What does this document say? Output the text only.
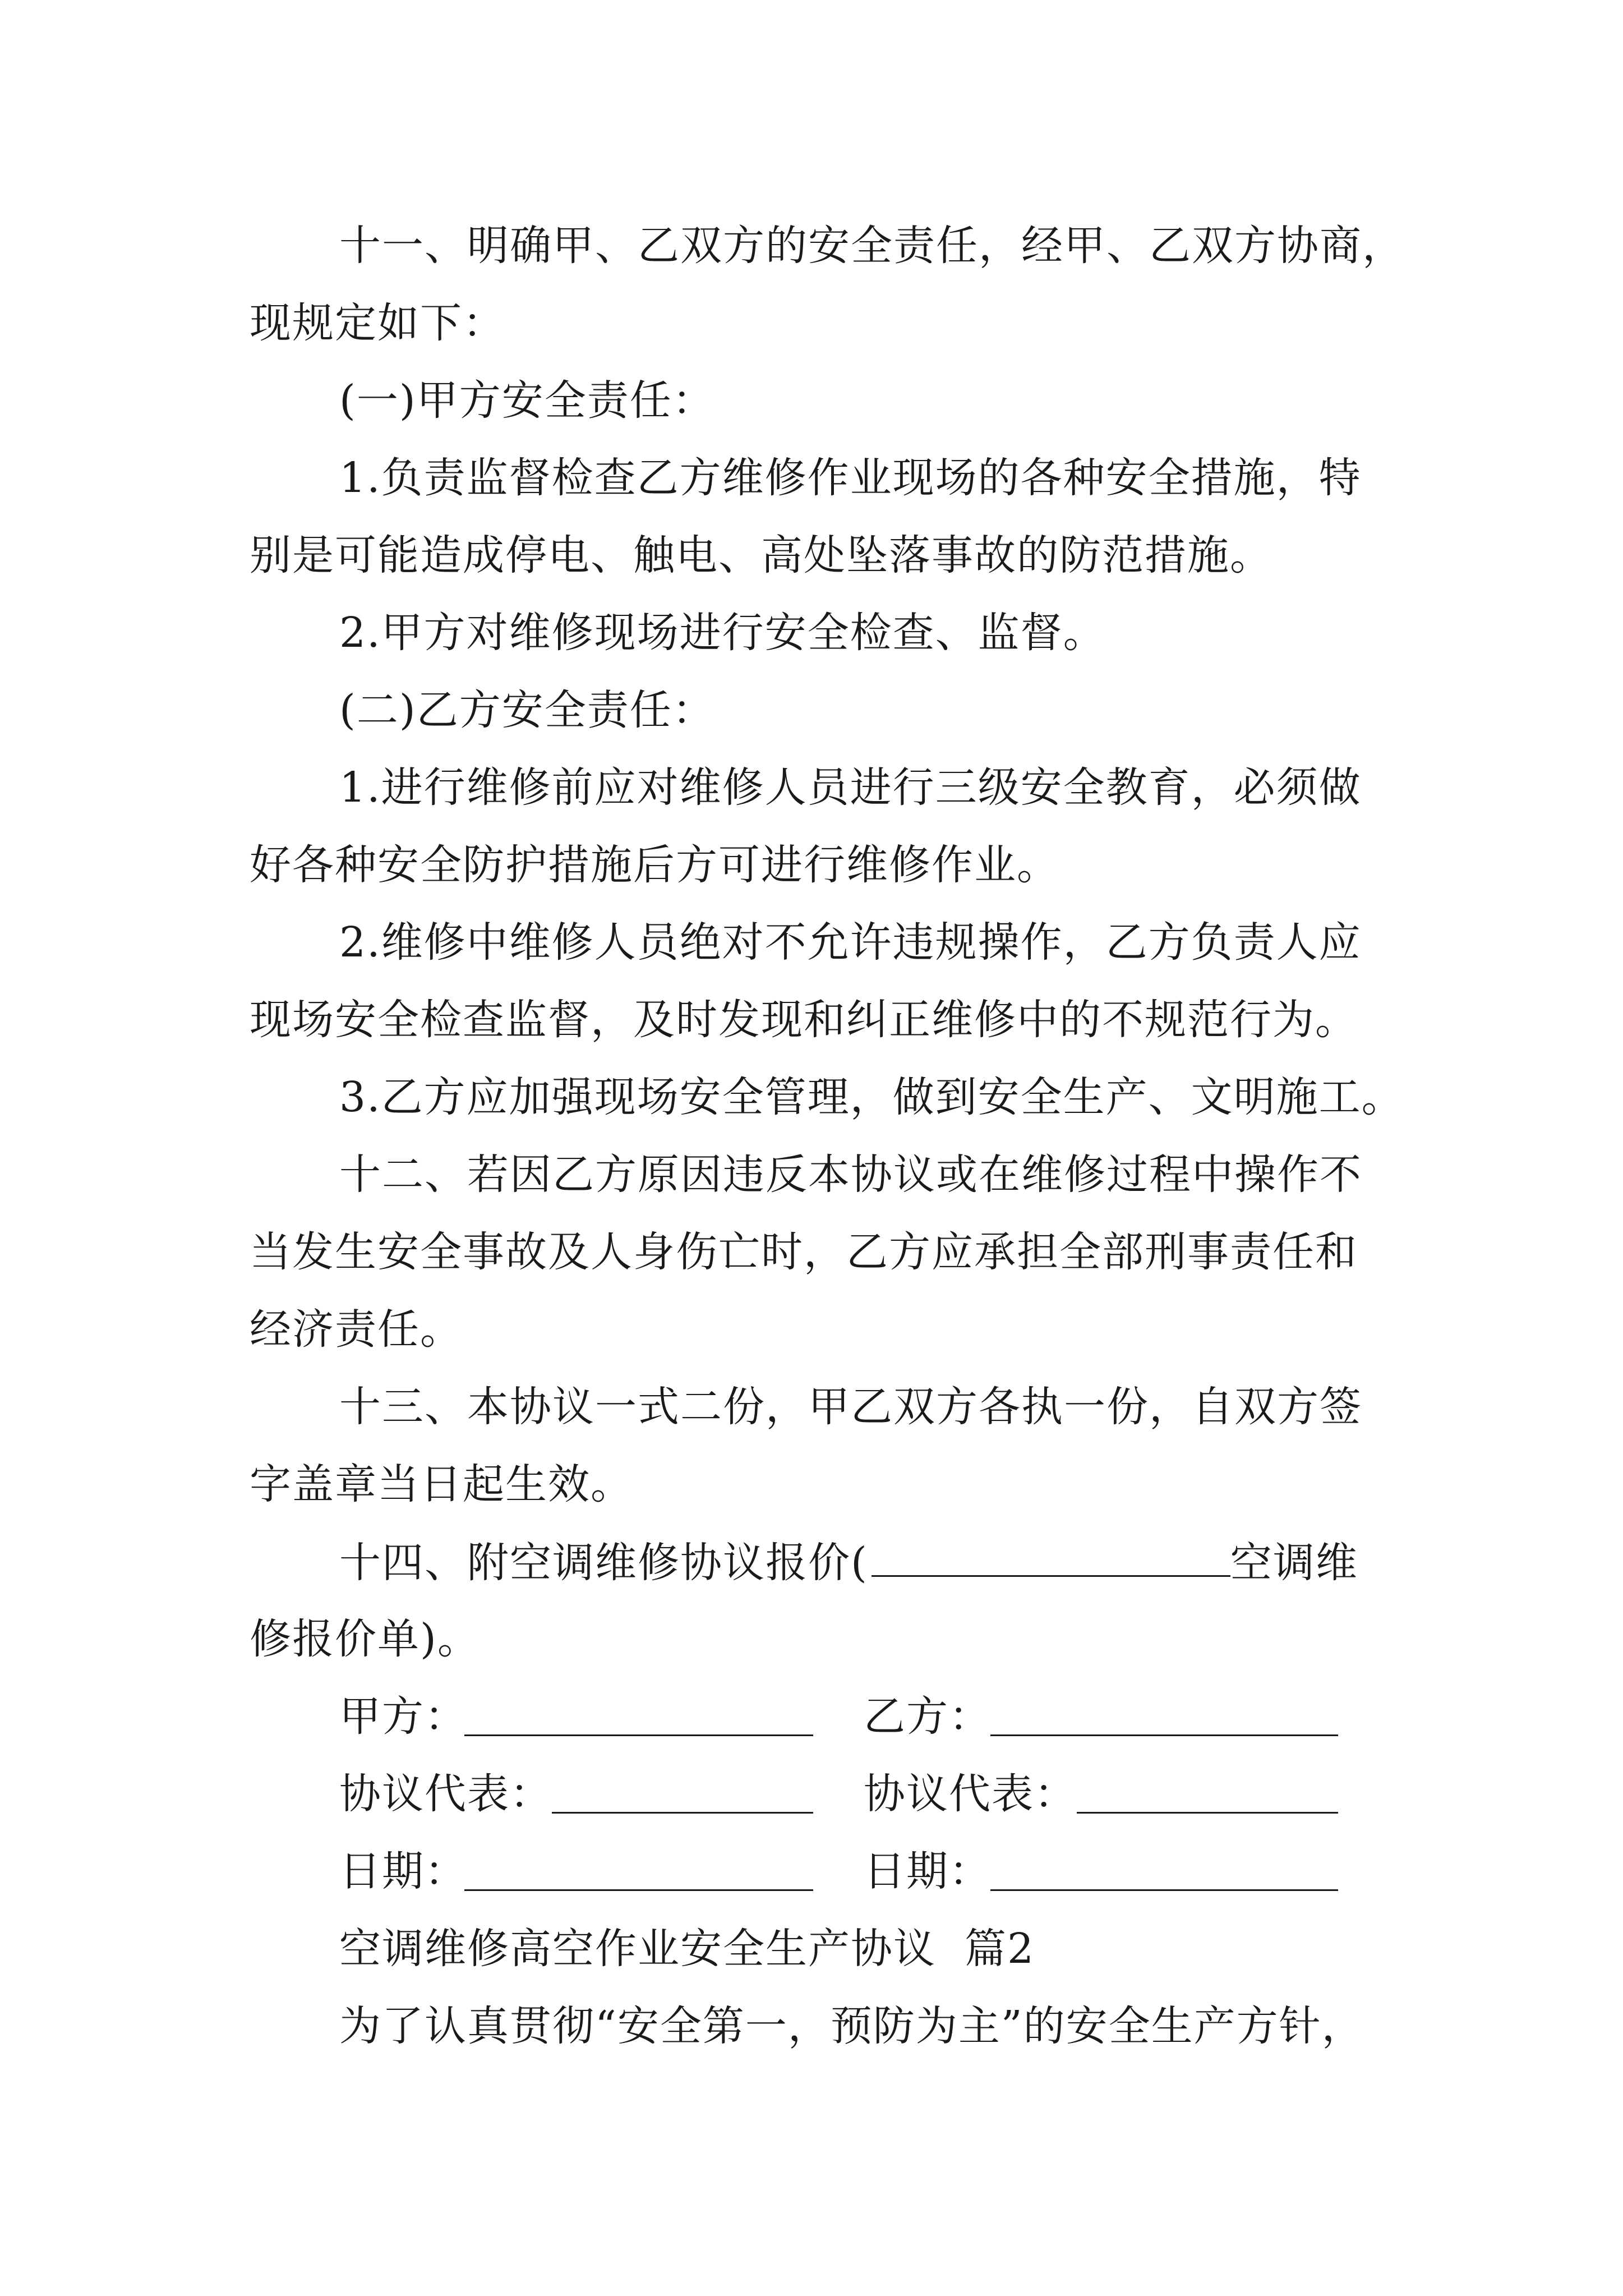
十一、明确甲、乙双方的安全责任，经甲、乙双方协商，
现规定如下：
(一)甲方安全责任：
1.负责监督检查乙方维修作业现场的各种安全措施，特
别是可能造成停电、触电、高处坠落事故的防范措施。
2.甲方对维修现场进行安全检查、监督。
(二)乙方安全责任：
1.进行维修前应对维修人员进行三级安全教育，必须做
好各种安全防护措施后方可进行维修作业。
2.维修中维修人员绝对不允许违规操作，乙方负责人应
现场安全检查监督，及时发现和纠正维修中的不规范行为。
3.乙方应加强现场安全管理，做到安全生产、文明施工。
十二、若因乙方原因违反本协议或在维修过程中操作不
当发生安全事故及人身伤亡时，乙方应承担全部刑事责任和
经济责任。
十三、本协议一式二份，甲乙双方各执一份，自双方签
字盖章当日起生效。
十四、附空调维修协议报价(	空调维
修报价单)。
甲方：	乙方：
协议代表：	协议代表：
日期：	日期：
空调维修高空作业安全生产协议  篇2
为了认真贯彻“安全第一，预防为主”的安全生产方针，
